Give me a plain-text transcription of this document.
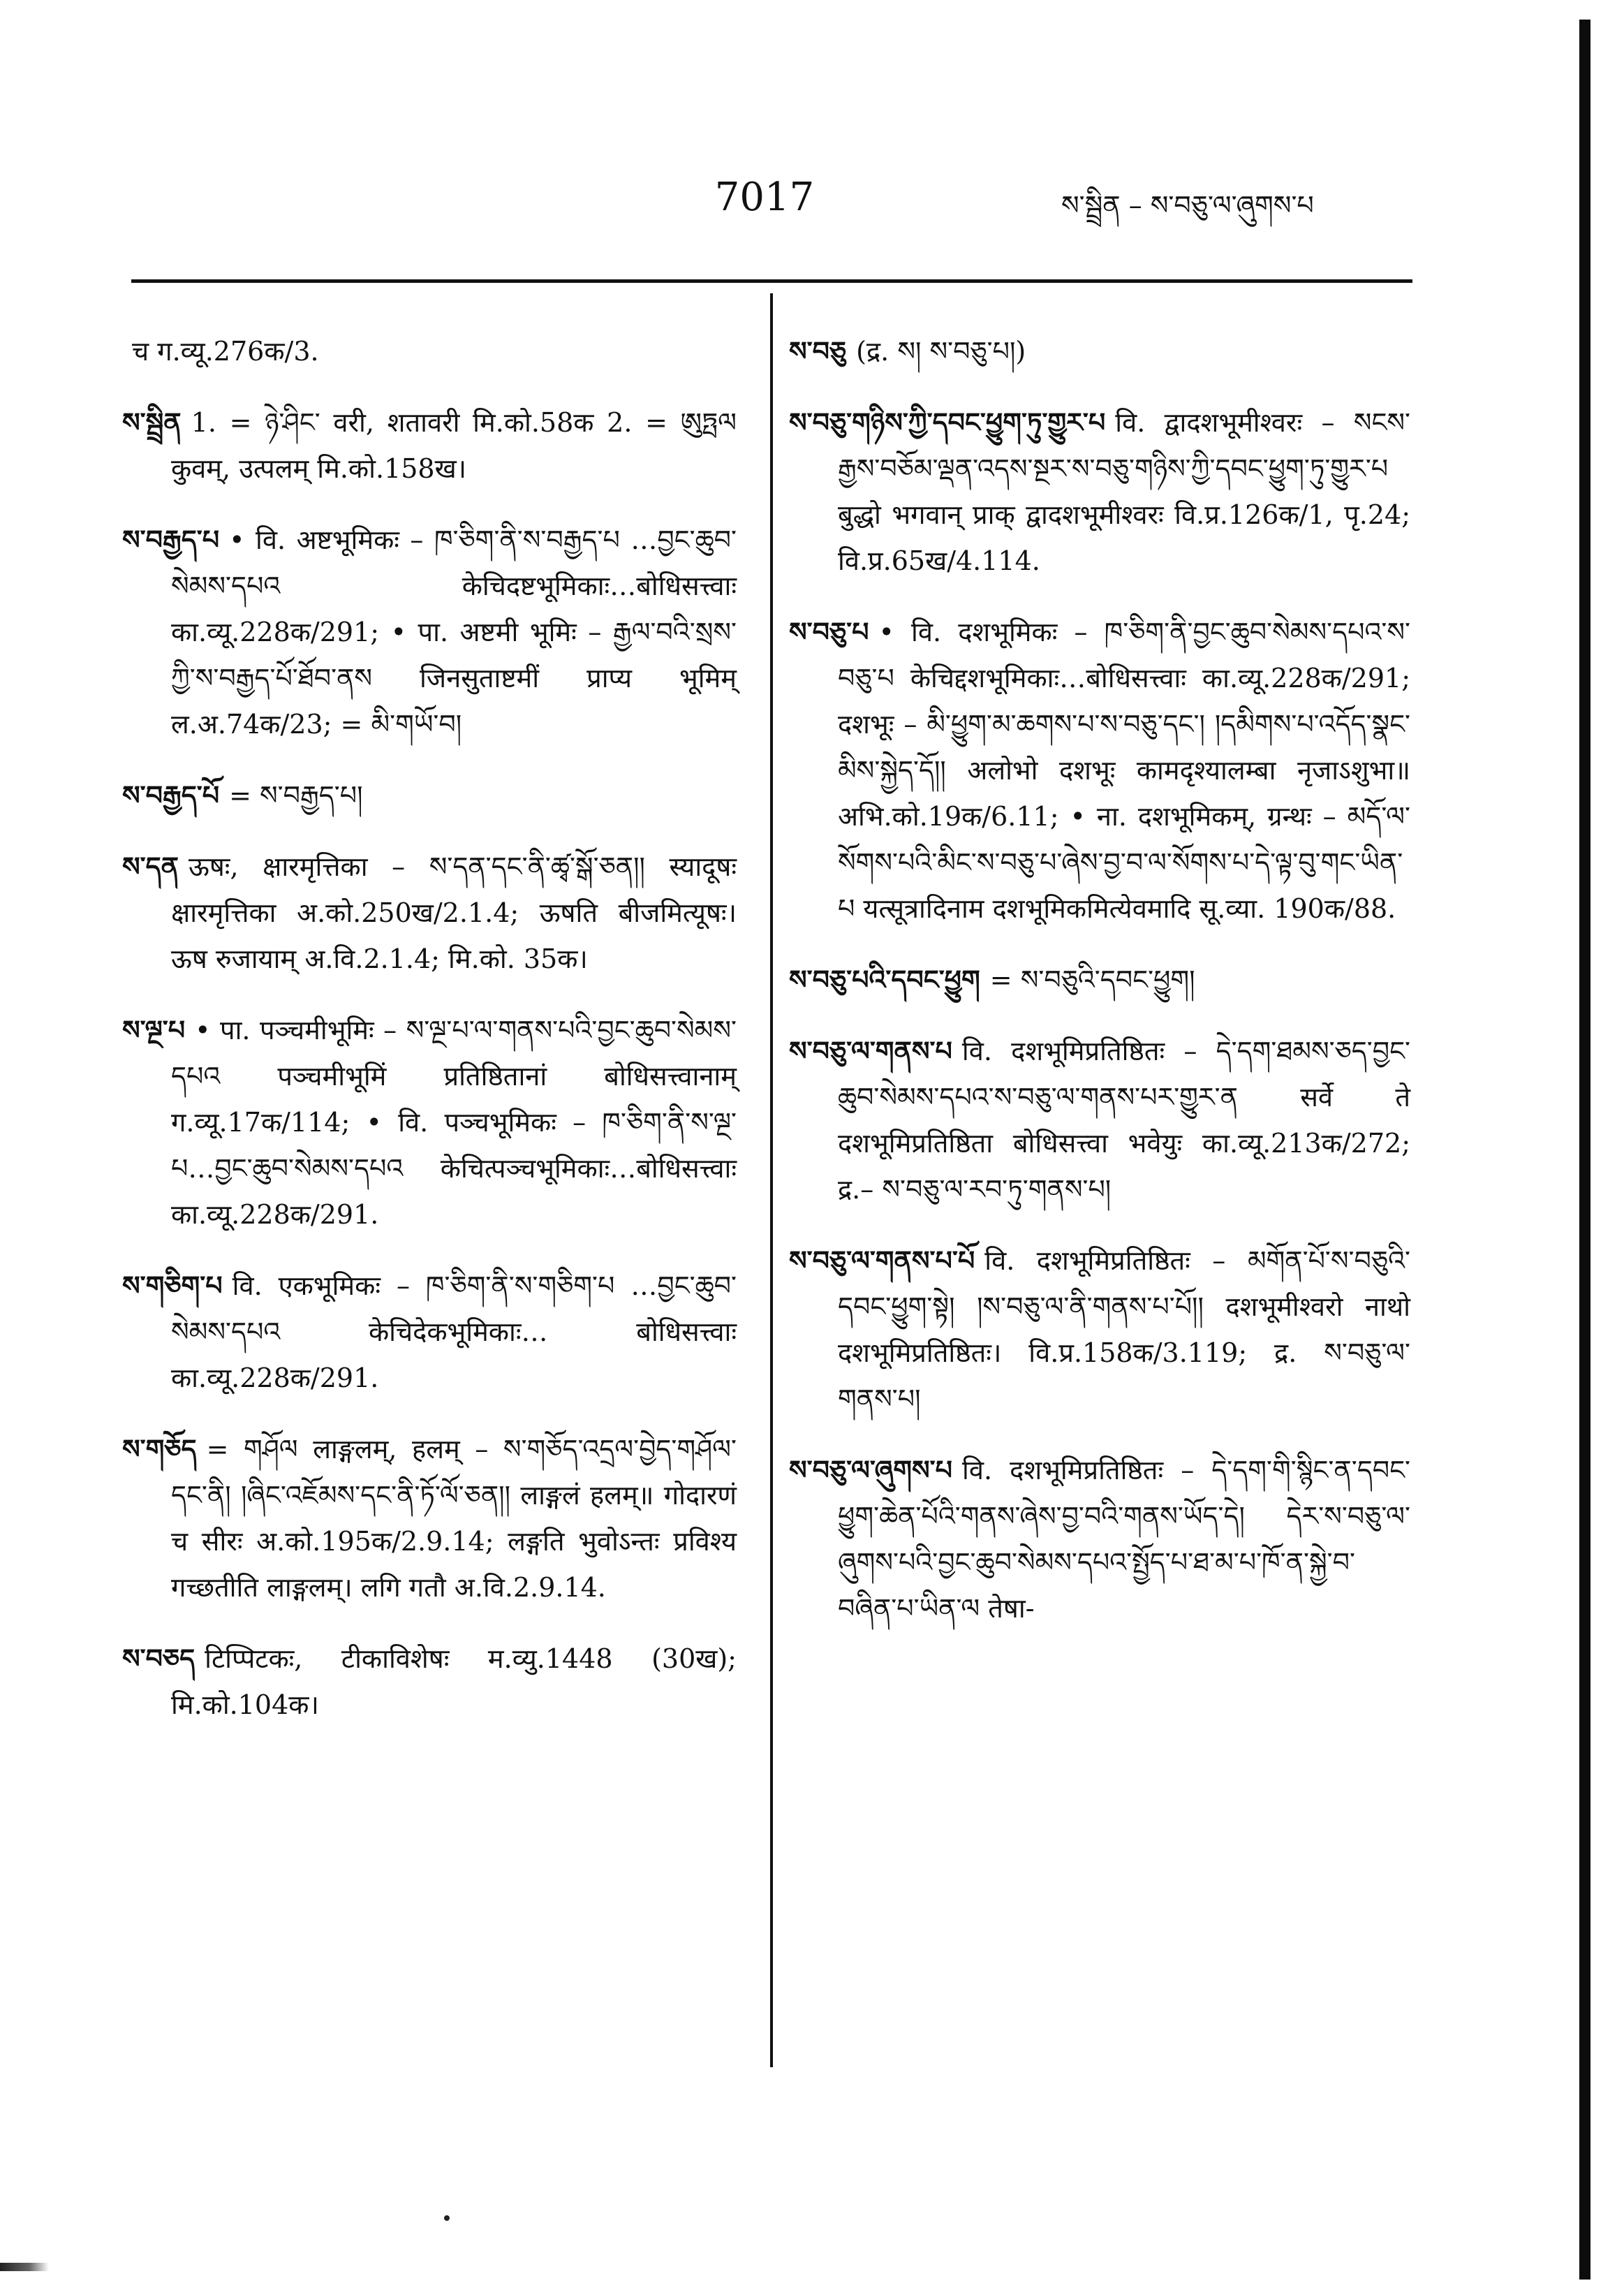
7017	ས་སྦྲིན – ས་བཅུ་ལ་ཞུགས་པ

च ग.व्यू.276क/3.

ས་སྦྲིན 1. = ཉེ་ཤིང་ वरी, शतावरी मि.को.58क 2. = ཨུཏྤལ कुवम्, उत्पलम् मि.को.158ख।

ས་བརྒྱད་པ • वि. अष्टभूमिकः – ཁ་ཅིག་ནི་ས་བརྒྱད་པ …བྱང་ཆུབ་སེམས་དཔའ केचिदष्टभूमिकाः…बोधिसत्त्वाः का.व्यू.228क/291; • पा. अष्टमी भूमिः – རྒྱལ་བའི་སྲས་ཀྱི་ས་བརྒྱད་པོ་ཐོབ་ནས जिनसुताष्टमीं प्राप्य भूमिम् ल.अ.74क/23; = མི་གཡོ་བ།

ས་བརྒྱད་པོ = ས་བརྒྱད་པ།

ས་དན ऊषः, क्षारमृत्तिका – ས་དན་དང་ནི་ཚྭ་སྒོ་ཅན།། स्यादूषः क्षारमृत्तिका अ.को.250ख/2.1.4; ऊषति बीजमित्यूषः। ऊष रुजायाम् अ.वि.2.1.4; मि.को. 35क।

ས་ལྔ་པ • पा. पञ्चमीभूमिः – ས་ལྔ་པ་ལ་གནས་པའི་བྱང་ཆུབ་སེམས་དཔའ पञ्चमीभूमिं प्रतिष्ठितानां बोधिसत्त्वानाम् ग.व्यू.17क/114; • वि. पञ्चभूमिकः – ཁ་ཅིག་ནི་ས་ལྔ་པ…བྱང་ཆུབ་སེམས་དཔའ केचित्पञ्चभूमिकाः…बोधिसत्त्वाः का.व्यू.228क/291.

ས་གཅིག་པ वि. एकभूमिकः – ཁ་ཅིག་ནི་ས་གཅིག་པ …བྱང་ཆུབ་སེམས་དཔའ केचिदेकभूमिकाः… बोधिसत्त्वाः का.व्यू.228क/291.

ས་གཅོད = གཤོལ लाङ्गलम्, हलम् – ས་གཅོད་འདྲལ་བྱེད་གཤོལ་དང་ནི། །ཞིང་འཇོམས་དང་ནི་ཏོ་ལོ་ཅན།། लाङ्गलं हलम्॥ गोदारणं च सीरः अ.को.195क/2.9.14; लङ्गति भुवोऽन्तः प्रविश्य गच्छतीति लाङ्गलम्। लगि गतौ अ.वि.2.9.14.

ས་བཅད टिप्पिटकः, टीकाविशेषः म.व्यु.1448 (30ख); मि.को.104क।

ས་བཅུ (द्र. ས། ས་བཅུ་པ།)

ས་བཅུ་གཉིས་ཀྱི་དབང་ཕྱུག་ཏུ་གྱུར་པ वि. द्वादशभूमीश्वरः – སངས་རྒྱས་བཅོམ་ལྡན་འདས་སྔར་ས་བཅུ་གཉིས་ཀྱི་དབང་ཕྱུག་ཏུ་གྱུར་པ बुद्धो भगवान् प्राक् द्वादशभूमीश्वरः वि.प्र.126क/1, पृ.24; वि.प्र.65ख/4.114.

ས་བཅུ་པ • वि. दशभूमिकः – ཁ་ཅིག་ནི་བྱང་ཆུབ་སེམས་དཔའ་ས་བཅུ་པ केचिद्दशभूमिकाः…बोधिसत्त्वाः का.व्यू.228क/291; दशभूः – མི་ཕྱུག་མ་ཆགས་པ་ས་བཅུ་དང་། །དམིགས་པ་འདོད་སྣང་མིས་སྐྱེད་དོ།། अलोभो दशभूः कामदृश्यालम्बा नृजाऽशुभा॥ अभि.को.19क/6.11; • ना. दशभूमिकम्, ग्रन्थः – མདོ་ལ་སོགས་པའི་མིང་ས་བཅུ་པ་ཞེས་བྱ་བ་ལ་སོགས་པ་དེ་ལྟ་བུ་གང་ཡིན་པ यत्सूत्रादिनाम दशभूमिकमित्येवमादि सू.व्या. 190क/88.

ས་བཅུ་པའི་དབང་ཕྱུག = ས་བཅུའི་དབང་ཕྱུག།

ས་བཅུ་ལ་གནས་པ वि. दशभूमिप्रतिष्ठितः – དེ་དག་ཐམས་ཅད་བྱང་ཆུབ་སེམས་དཔའ་ས་བཅུ་ལ་གནས་པར་གྱུར་ན सर्वे ते दशभूमिप्रतिष्ठिता बोधिसत्त्वा भवेयुः का.व्यू.213क/272; द्र.– ས་བཅུ་ལ་རབ་ཏུ་གནས་པ།

ས་བཅུ་ལ་གནས་པ་པོ वि. दशभूमिप्रतिष्ठितः – མགོན་པོ་ས་བཅུའི་དབང་ཕྱུག་སྟེ། །ས་བཅུ་ལ་ནི་གནས་པ་པོ།། दशभूमीश्वरो नाथो दशभूमिप्रतिष्ठितः। वि.प्र.158क/3.119; द्र. ས་བཅུ་ལ་གནས་པ།

ས་བཅུ་ལ་ཞུགས་པ वि. दशभूमिप्रतिष्ठितः – དེ་དག་གི་སྙིང་ན་དབང་ཕྱུག་ཆེན་པོའི་གནས་ཞེས་བྱ་བའི་གནས་ཡོད་དེ། དེར་ས་བཅུ་ལ་ཞུགས་པའི་བྱང་ཆུབ་སེམས་དཔའ་སྤྱོད་པ་ཐ་མ་པ་ཁོ་ན་སྐྱེ་བ་བཞིན་པ་ཡིན་ལ तेषा-
